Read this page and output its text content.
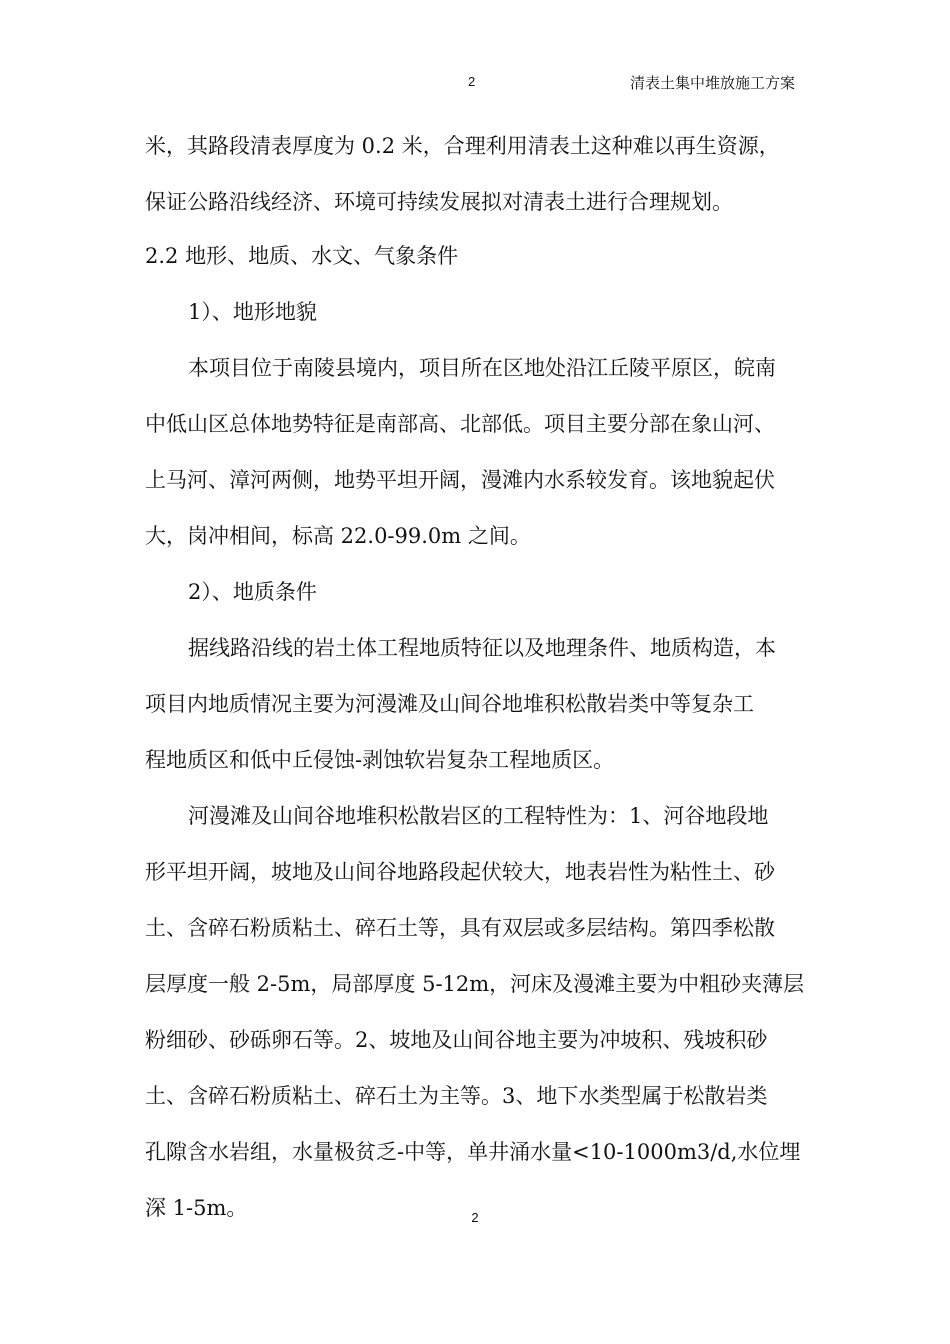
2	清表土集中堆放施工方案

米，其路段清表厚度为 0.2 米，合理利用清表土这种难以再生资源，

保证公路沿线经济、环境可持续发展拟对清表土进行合理规划。

2.2 地形、地质、水文、气象条件

1）、地形地貌

本项目位于南陵县境内，项目所在区地处沿江丘陵平原区，皖南

中低山区总体地势特征是南部高、北部低。项目主要分部在象山河、

上马河、漳河两侧，地势平坦开阔，漫滩内水系较发育。该地貌起伏

大，岗冲相间，标高 22.0-99.0m 之间。

2）、地质条件

据线路沿线的岩土体工程地质特征以及地理条件、地质构造，本

项目内地质情况主要为河漫滩及山间谷地堆积松散岩类中等复杂工

程地质区和低中丘侵蚀-剥蚀软岩复杂工程地质区。

河漫滩及山间谷地堆积松散岩区的工程特性为：1、河谷地段地

形平坦开阔，坡地及山间谷地路段起伏较大，地表岩性为粘性土、砂

土、含碎石粉质粘土、碎石土等，具有双层或多层结构。第四季松散

层厚度一般 2-5m，局部厚度 5-12m，河床及漫滩主要为中粗砂夹薄层

粉细砂、砂砾卵石等。2、坡地及山间谷地主要为冲坡积、残坡积砂

土、含碎石粉质粘土、碎石土为主等。3、地下水类型属于松散岩类

孔隙含水岩组，水量极贫乏-中等，单井涌水量<10-1000m3/d,水位埋

深 1-5m。	2
